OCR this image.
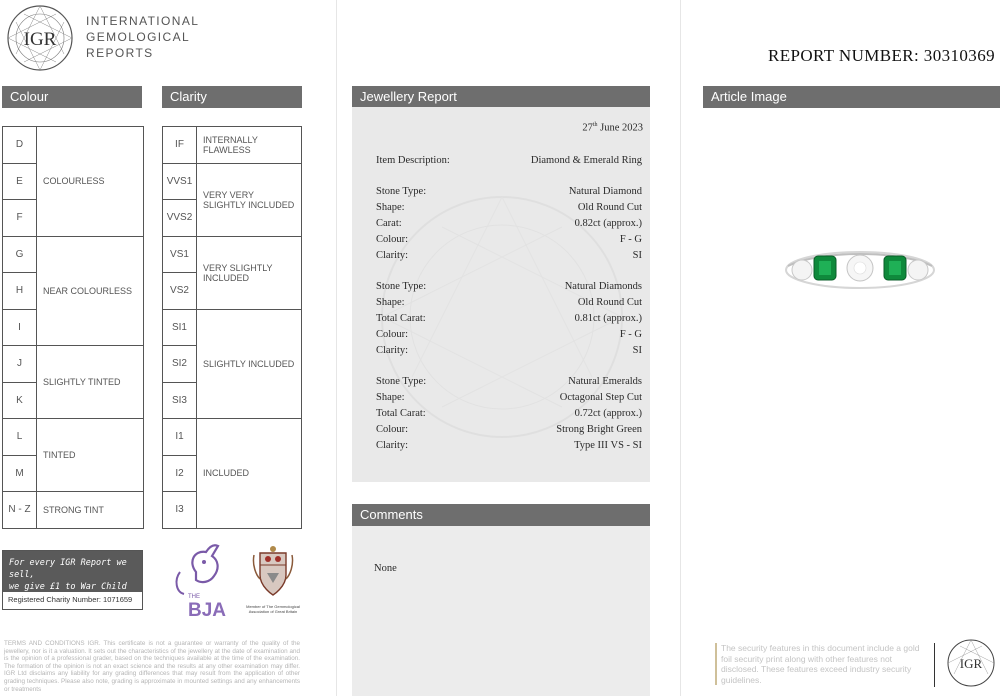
IGR
INTERNATIONAL
GEMOLOGICAL
REPORTS
Colour	Clarity
D	COLOURLESS
E	
F	
G	NEAR COLOURLESS
H	
I	
J	SLIGHTLY TINTED
K	
L	TINTED
M	
N - Z	STRONG TINT
IF	INTERNALLY FLAWLESS
VVS1	VERY VERY SLIGHTLY INCLUDED
VVS2	
VS1	VERY SLIGHTLY INCLUDED
VS2	
SI1	SLIGHTLY INCLUDED
SI2	
SI3	
I1	INCLUDED
I2	
I3	
For every IGR Report we sell,
we give £1 to War Child
Registered Charity Number: 1071659	THE
BJA	Member of The Gemmological Association of Great Britain
TERMS AND CONDITIONS IGR. This certificate is not a guarantee or warranty of the quality of the jewellery, nor is it a valuation. It sets out the characteristics of the jewellery at the date of examination and is the opinion of a professional grader, based on the techniques available at the time of the examination. The formation of the opinion is not an exact science and the results at any other examination may differ. IGR Ltd disclaims any liability for any grading differences that may result from the application of other grading techniques. Please also note, grading is approximate in mounted settings and any enhancements or treatments
Jewellery Report
27th June 2023
Item Description:	Diamond & Emerald Ring
Stone Type:	Natural Diamond
Shape:	Old Round Cut
Carat:	0.82ct (approx.)
Colour:	F - G
Clarity:	SI
Stone Type:	Natural Diamonds
Shape:	Old Round Cut
Total Carat:	0.81ct (approx.)
Colour:	F - G
Clarity:	SI
Stone Type:	Natural Emeralds
Shape:	Octagonal Step Cut
Total Carat:	0.72ct (approx.)
Colour:	Strong Bright Green
Clarity:	Type III VS - SI
Comments
None
REPORT NUMBER: 30310369
Article Image
The security features in this document include a gold foil security print along with other features not disclosed. These features exceed industry security guidelines.
IGR
